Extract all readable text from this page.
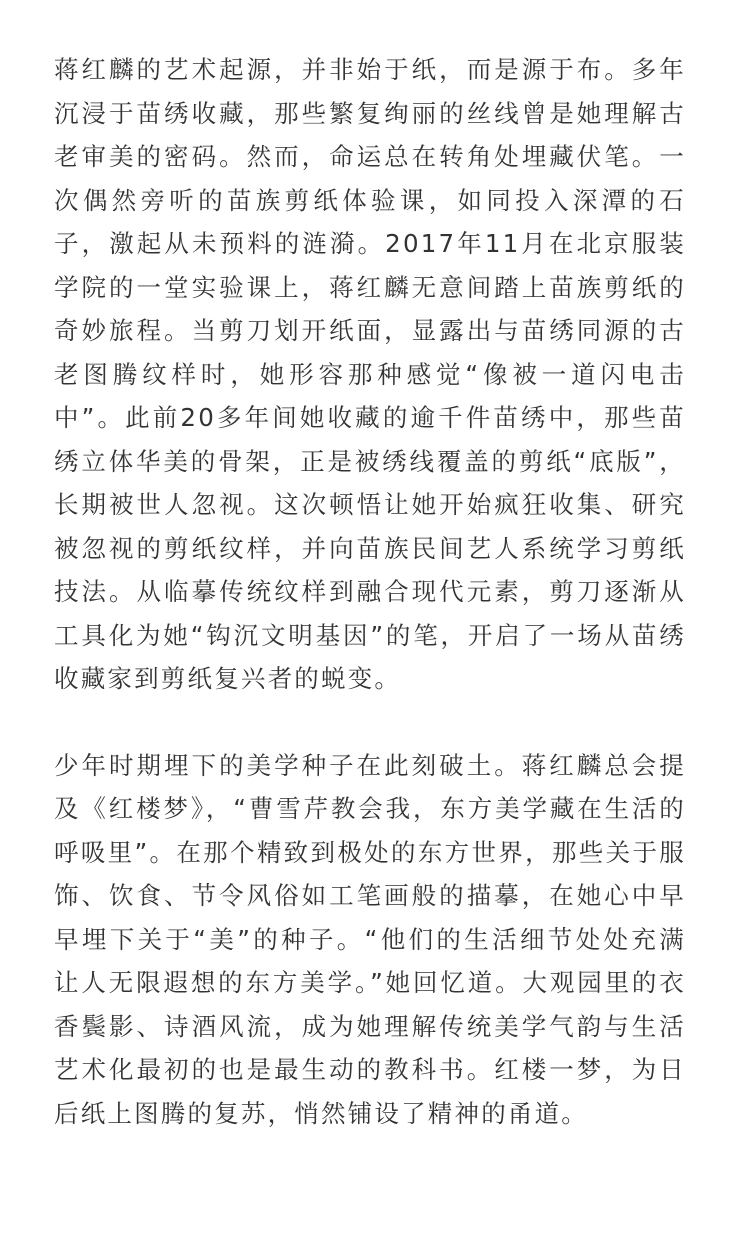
蒋红麟的艺术起源，并非始于纸，而是源于布。多年沉浸于苗绣收藏，那些繁复绚丽的丝线曾是她理解古老审美的密码。然而，命运总在转角处埋藏伏笔。一次偶然旁听的苗族剪纸体验课，如同投入深潭的石子，激起从未预料的涟漪。2017年11月在北京服装学院的一堂实验课上，蒋红麟无意间踏上苗族剪纸的奇妙旅程。当剪刀划开纸面，显露出与苗绣同源的古老图腾纹样时，她形容那种感觉“像被一道闪电击中”。此前20多年间她收藏的逾千件苗绣中，那些苗绣立体华美的骨架，正是被绣线覆盖的剪纸“底版”，长期被世人忽视。这次顿悟让她开始疯狂收集、研究被忽视的剪纸纹样，并向苗族民间艺人系统学习剪纸技法。从临摹传统纹样到融合现代元素，剪刀逐渐从工具化为她“钩沉文明基因”的笔，开启了一场从苗绣收藏家到剪纸复兴者的蜕变。

少年时期埋下的美学种子在此刻破土。蒋红麟总会提及《红楼梦》，“曹雪芹教会我，东方美学藏在生活的呼吸里”。在那个精致到极处的东方世界，那些关于服饰、饮食、节令风俗如工笔画般的描摹，在她心中早早埋下关于“美”的种子。“他们的生活细节处处充满让人无限遐想的东方美学。”她回忆道。大观园里的衣香鬓影、诗酒风流，成为她理解传统美学气韵与生活艺术化最初的也是最生动的教科书。红楼一梦，为日后纸上图腾的复苏，悄然铺设了精神的甬道。
